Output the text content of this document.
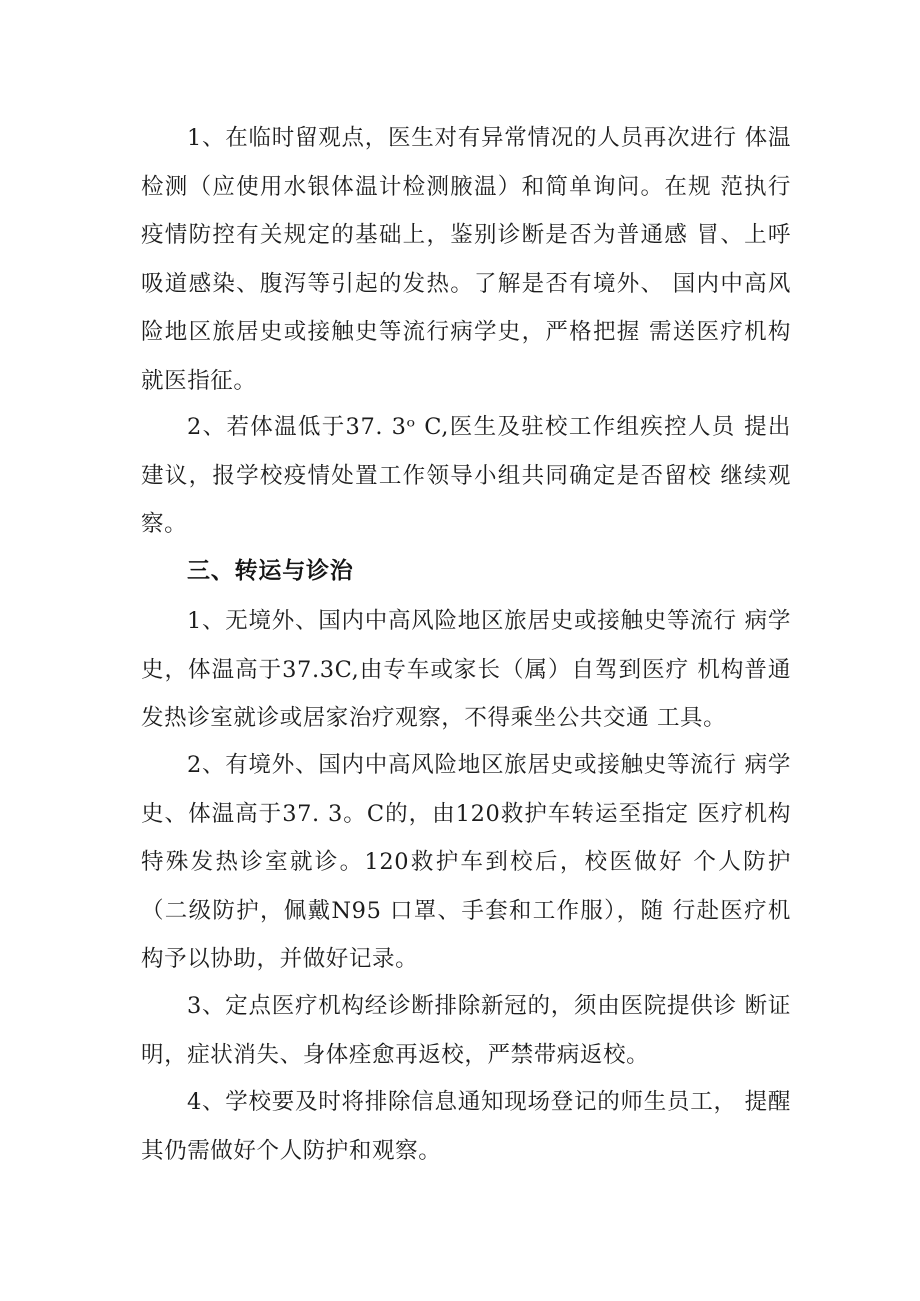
1、在临时留观点，医生对有异常情况的人员再次进行 体温检测（应使用水银体温计检测腋温）和简单询问。在规 范执行疫情防控有关规定的基础上，鉴别诊断是否为普通感 冒、上呼吸道感染、腹泻等引起的发热。了解是否有境外、 国内中高风险地区旅居史或接触史等流行病学史，严格把握 需送医疗机构就医指征。

2、若体温低于37. 3ᵒ C,医生及驻校工作组疾控人员 提出建议，报学校疫情处置工作领导小组共同确定是否留校 继续观察。

三、转运与诊治

1、无境外、国内中高风险地区旅居史或接触史等流行 病学史，体温高于37.3C,由专车或家长（属）自驾到医疗 机构普通发热诊室就诊或居家治疗观察，不得乘坐公共交通 工具。

2、有境外、国内中高风险地区旅居史或接触史等流行 病学史、体温高于37. 3。C的，由120救护车转运至指定 医疗机构特殊发热诊室就诊。120救护车到校后，校医做好 个人防护（二级防护，佩戴N95 口罩、手套和工作服），随 行赴医疗机构予以协助，并做好记录。

3、定点医疗机构经诊断排除新冠的，须由医院提供诊 断证明，症状消失、身体痊愈再返校，严禁带病返校。

4、学校要及时将排除信息通知现场登记的师生员工， 提醒其仍需做好个人防护和观察。
